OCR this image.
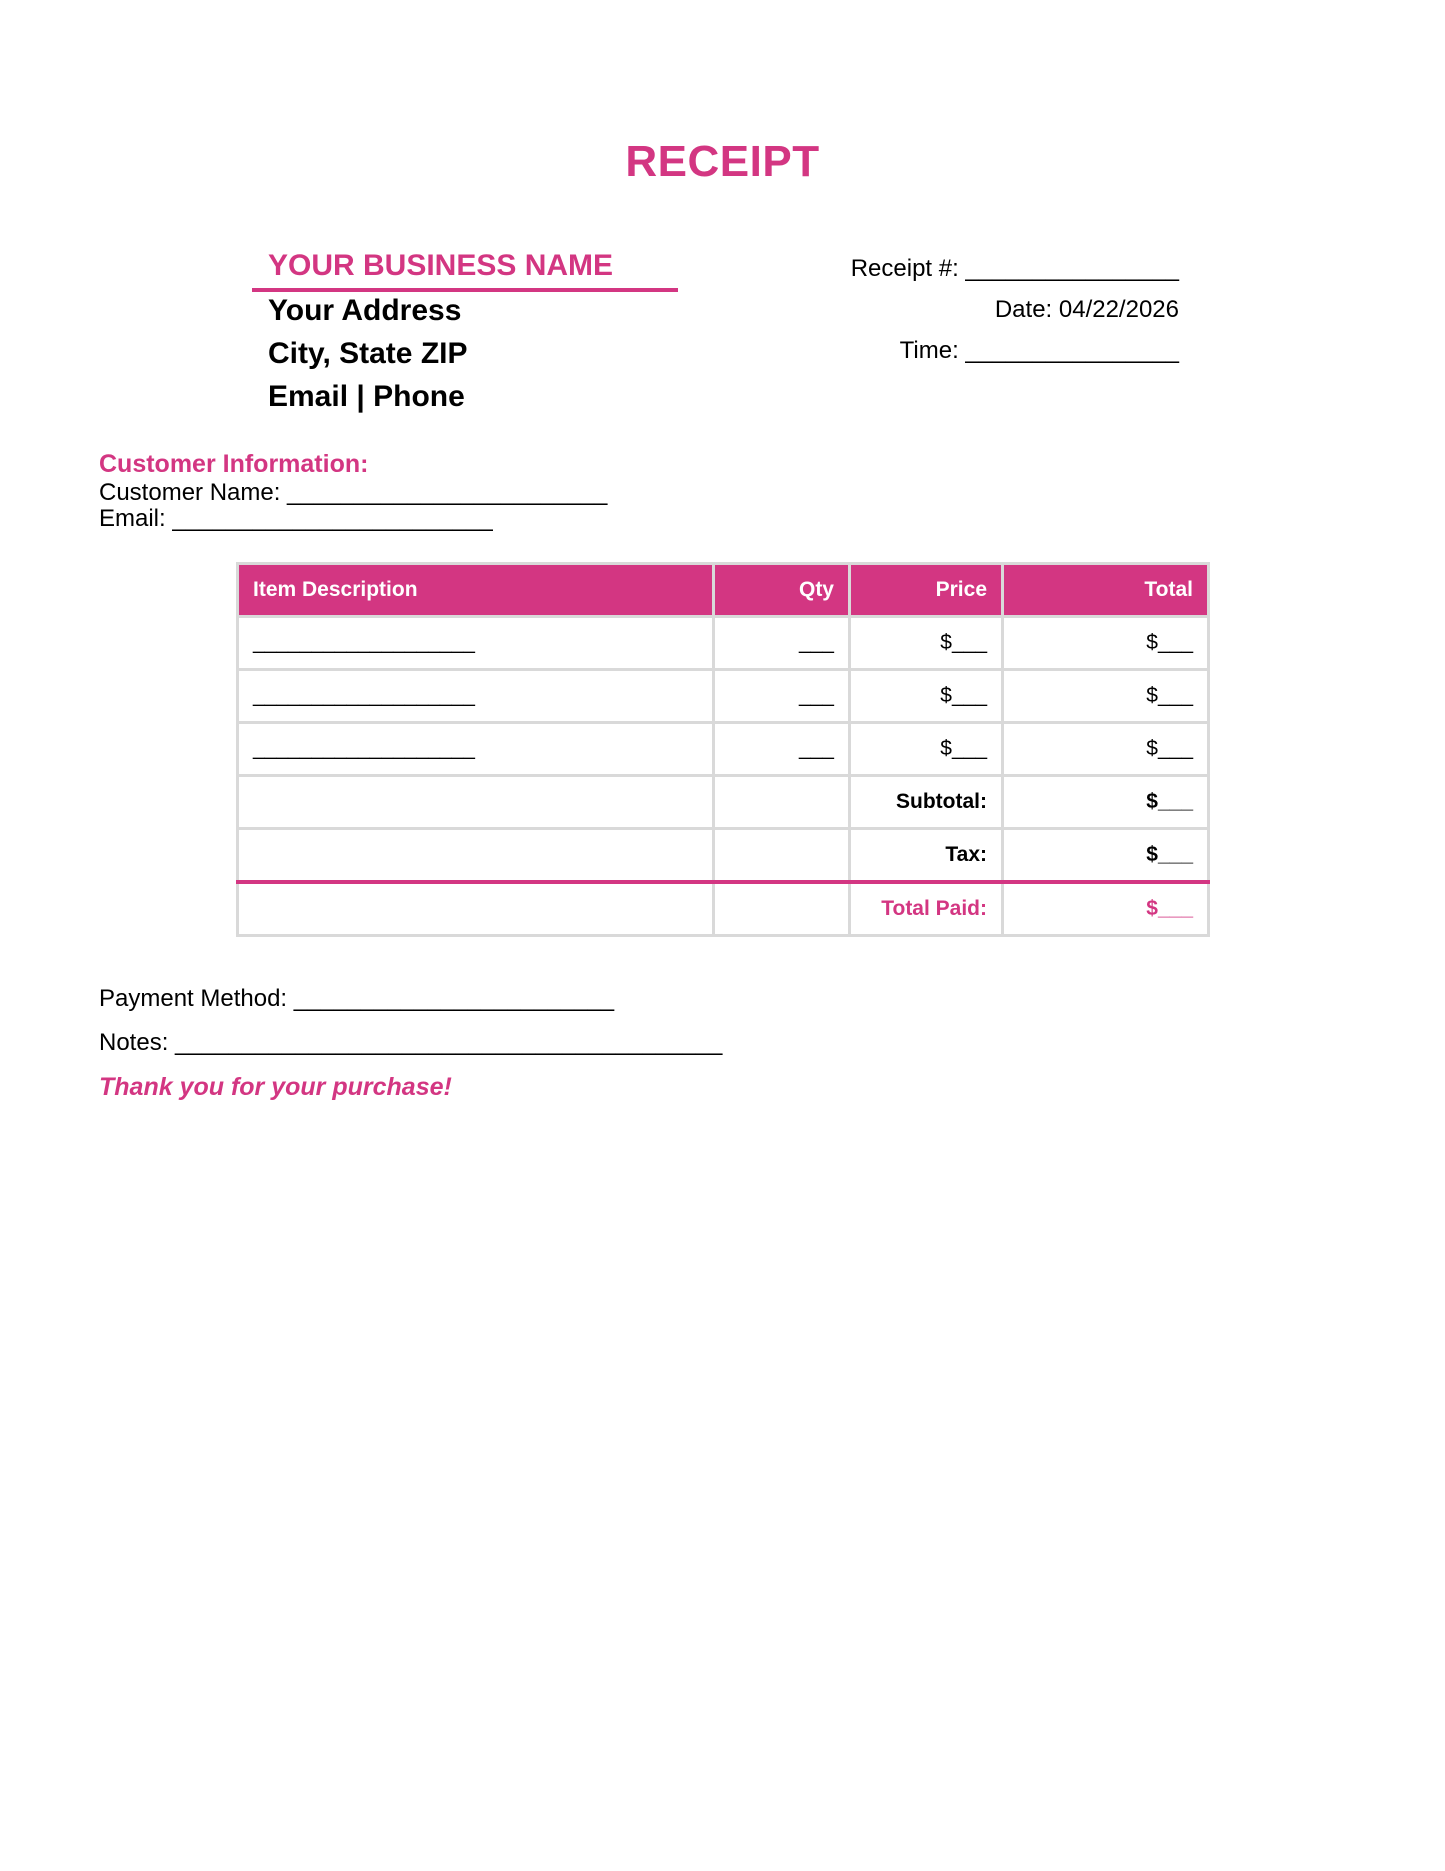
RECEIPT
YOUR BUSINESS NAME
Your Address
City, State ZIP
Email | Phone
Receipt #: ________________
Date: 04/22/2026
Time: ________________
Customer Information:
Customer Name: ________________________
Email: ________________________
Item Description	Qty	Price	Total
___________________	___	$___	$___
___________________	___	$___	$___
___________________	___	$___	$___
		Subtotal:	$___
		Tax:	$___
		Total Paid:	$___
Payment Method: ________________________
Notes: _________________________________________
Thank you for your purchase!
